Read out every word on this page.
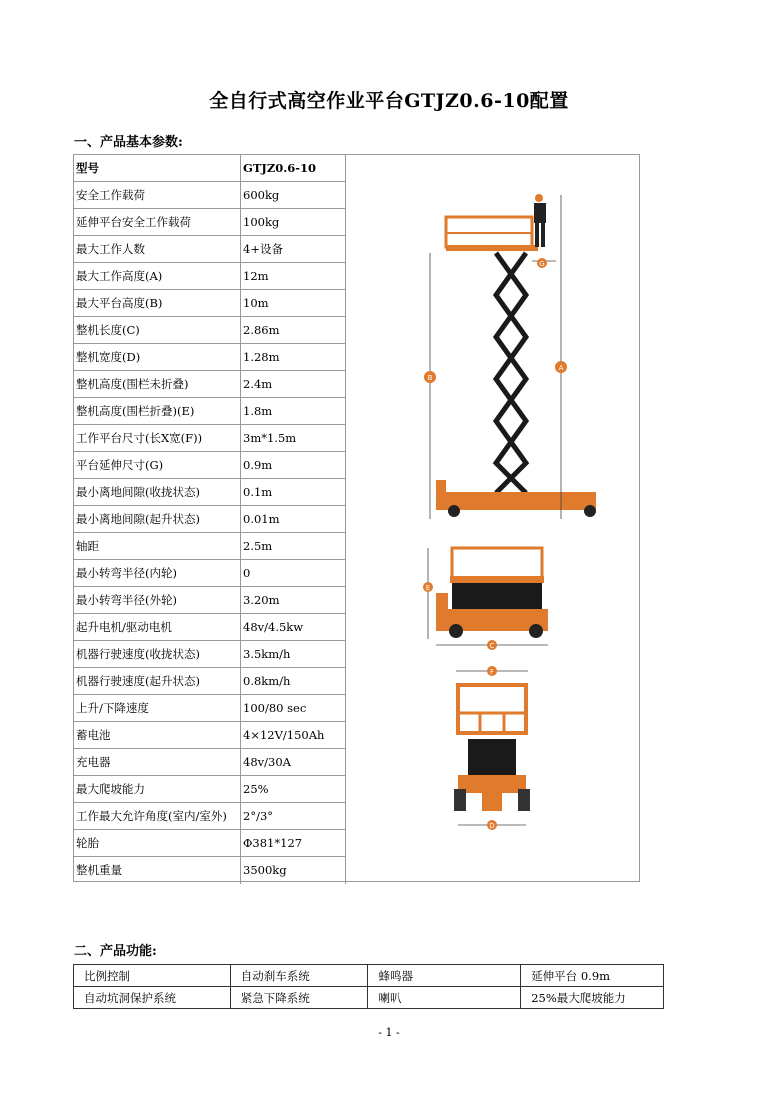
全自行式高空作业平台GTJZ0.6-10配置
一、产品基本参数:
型号	GTJZ0.6-10
安全工作载荷	600kg
延伸平台安全工作载荷	100kg
最大工作人数	4+设备
最大工作高度(A)	12m
最大平台高度(B)	10m
整机长度(C)	2.86m
整机宽度(D)	1.28m
整机高度(围栏未折叠)	2.4m
整机高度(围栏折叠)(E)	1.8m
工作平台尺寸(长X宽(F))	3m*1.5m
平台延伸尺寸(G)	0.9m
最小离地间隙(收拢状态)	0.1m
最小离地间隙(起升状态)	0.01m
轴距	2.5m
最小转弯半径(内轮)	0
最小转弯半径(外轮)	3.20m
起升电机/驱动电机	48v/4.5kw
机器行驶速度(收拢状态)	3.5km/h
机器行驶速度(起升状态)	0.8km/h
上升/下降速度	100/80 sec
蓄电池	4×12V/150Ah
充电器	48v/30A
最大爬坡能力	25%
工作最大允许角度(室内/室外)	2°/3°
轮胎	Φ381*127
整机重量	3500kg
B
A
G
E
C
F
D
二、产品功能:
比例控制	自动刹车系统	蜂鸣器	延伸平台 0.9m
自动坑洞保护系统	紧急下降系统	喇叭	25%最大爬坡能力
- 1 -
